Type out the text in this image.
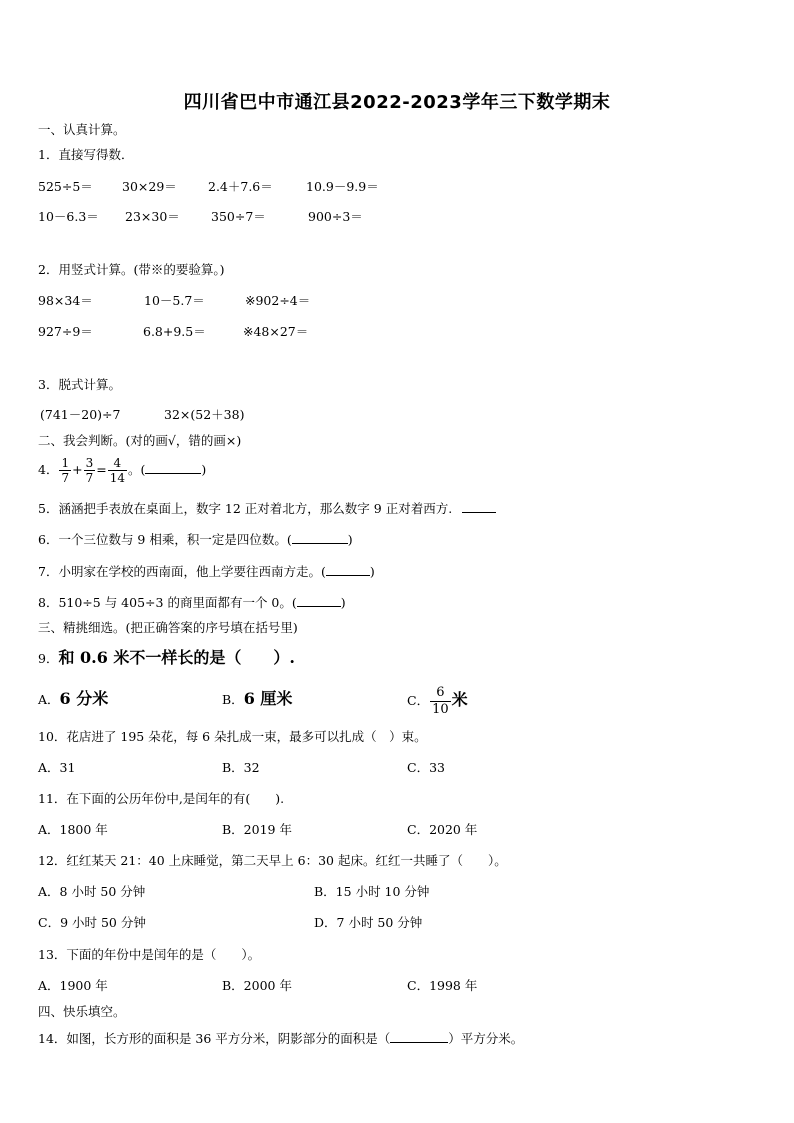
四川省巴中市通江县2022-2023学年三下数学期末
一、认真计算。
1．直接写得数．
525÷5＝ 30×29＝ 2.4＋7.6＝	10.9－9.9＝
10－6.3＝ 23×30＝ 350÷7＝	900÷3＝
2．用竖式计算。(带※的要验算。)
98×34＝	10－5.7＝	※902÷4＝
927÷9＝	6.8+9.5＝	※48×27＝
3．脱式计算。
(741－20)÷7	32×(52＋38)
二、我会判断。(对的画√，错的画×)
4． $\frac{1}{7} + \frac{3}{7} = \frac{4}{14}$ 。(	)
5．涵涵把手表放在桌面上，数字 12 正对着北方，那么数字 9 正对着西方.
6．一个三位数与 9 相乘，积一定是四位数。(	)
7．小明家在学校的西南面，他上学要往西南方走。(	)
8．510÷5 与 405÷3 的商里面都有一个 0。(	)
三、精挑细选。(把正确答案的序号填在括号里)
9．和 0.6 米不一样长的是（　　）.
A．6 分米	B．6 厘米	C． $\frac{6}{10}$ 米
10．花店进了 195 朵花，每 6 朵扎成一束，最多可以扎成（　）束。
A．31	B．32	C．33
11．在下面的公历年份中,是闰年的有(　　).
A．1800 年	B．2019 年	C．2020 年
12．红红某天 21：40 上床睡觉，第二天早上 6：30 起床。红红一共睡了（　　）。
A．8 小时 50 分钟	B．15 小时 10 分钟
C．9 小时 50 分钟	D．7 小时 50 分钟
13．下面的年份中是闰年的是（　　）。
A．1900 年	B．2000 年	C．1998 年
四、快乐填空。
14．如图，长方形的面积是 36 平方分米，阴影部分的面积是（	）平方分米。
